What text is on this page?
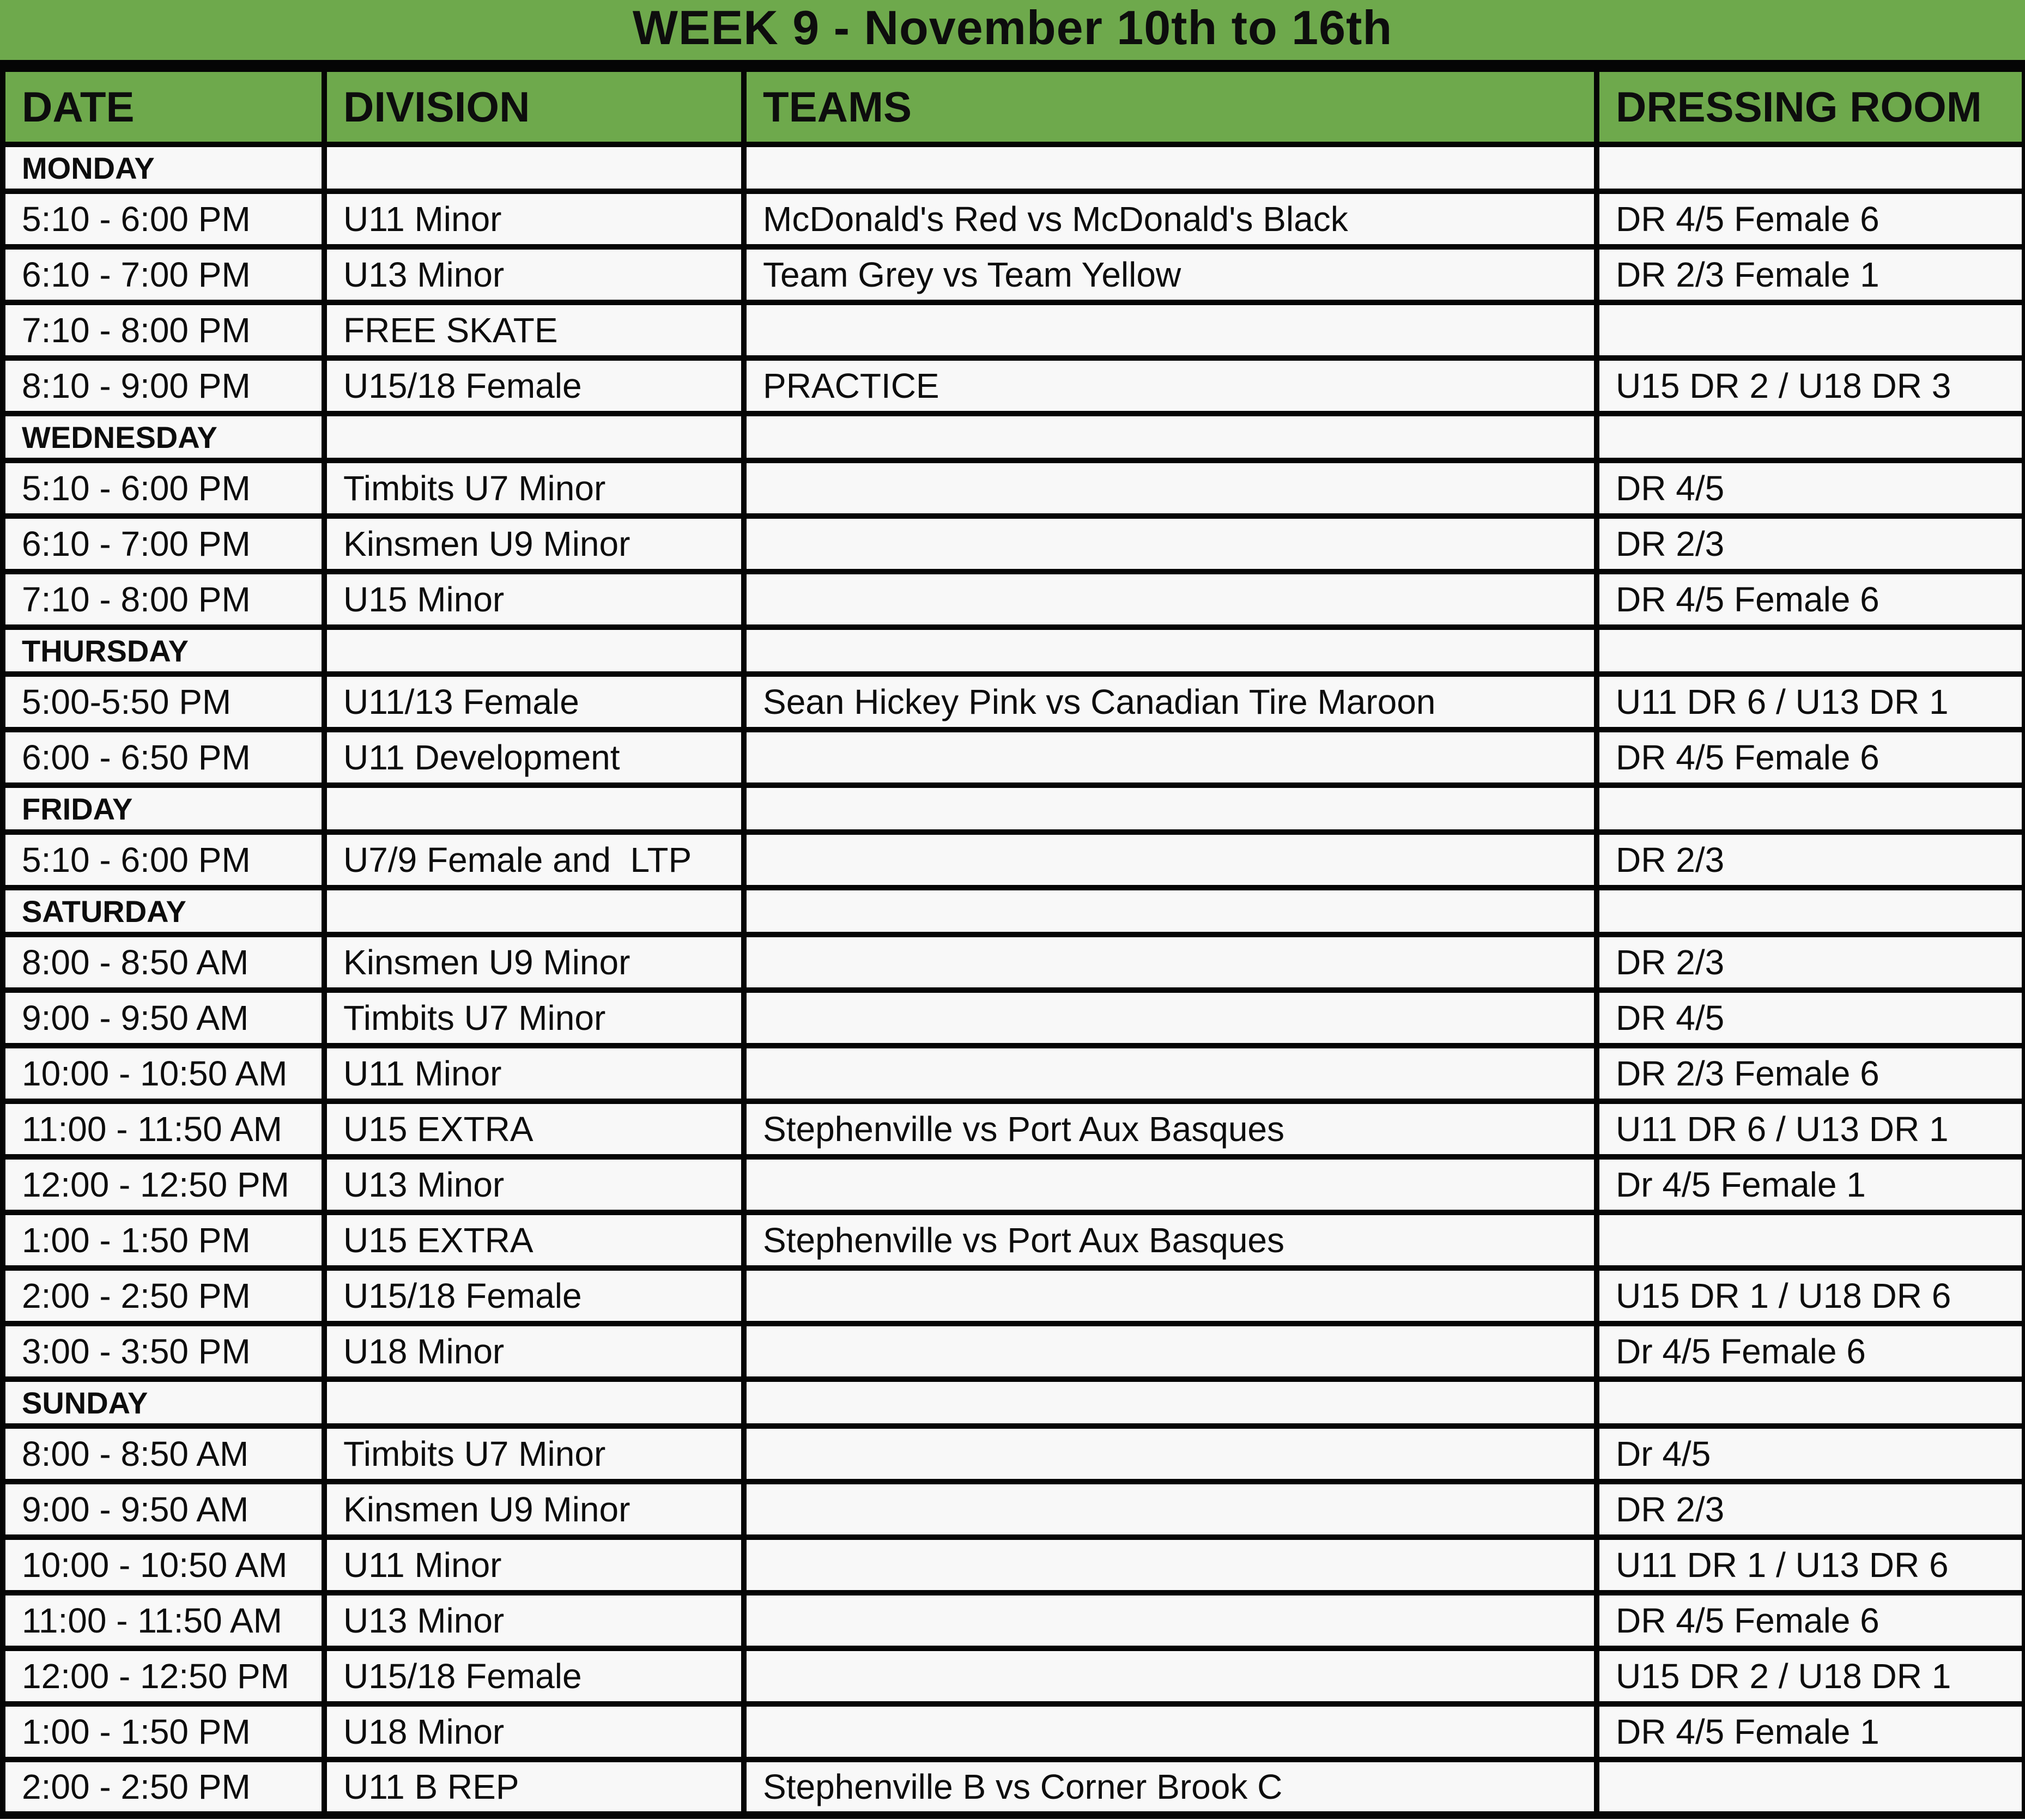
WEEK 9 - November 10th to 16th
DATE	DIVISION	TEAMS	DRESSING ROOM
MONDAY			
5:10 - 6:00 PM	U11 Minor	McDonald's Red vs McDonald's Black	DR 4/5 Female 6
6:10 - 7:00 PM	U13 Minor	Team Grey vs Team Yellow	DR 2/3 Female 1
7:10 - 8:00 PM	FREE SKATE		
8:10 - 9:00 PM	U15/18 Female	PRACTICE	U15 DR 2 / U18 DR 3
WEDNESDAY			
5:10 - 6:00 PM	Timbits U7 Minor		DR 4/5
6:10 - 7:00 PM	Kinsmen U9 Minor		DR 2/3
7:10 - 8:00 PM	U15 Minor		DR 4/5 Female 6
THURSDAY			
5:00-5:50 PM	U11/13 Female	Sean Hickey Pink vs Canadian Tire Maroon	U11 DR 6 / U13 DR 1
6:00 - 6:50 PM	U11 Development		DR 4/5 Female 6
FRIDAY			
5:10 - 6:00 PM	U7/9 Female and  LTP		DR 2/3
SATURDAY			
8:00 - 8:50 AM	Kinsmen U9 Minor		DR 2/3
9:00 - 9:50 AM	Timbits U7 Minor		DR 4/5
10:00 - 10:50 AM	U11 Minor		DR 2/3 Female 6
11:00 - 11:50 AM	U15 EXTRA	Stephenville vs Port Aux Basques	U11 DR 6 / U13 DR 1
12:00 - 12:50 PM	U13 Minor		Dr 4/5 Female 1
1:00 - 1:50 PM	U15 EXTRA	Stephenville vs Port Aux Basques	
2:00 - 2:50 PM	U15/18 Female		U15 DR 1 / U18 DR 6
3:00 - 3:50 PM	U18 Minor		Dr 4/5 Female 6
SUNDAY			
8:00 - 8:50 AM	Timbits U7 Minor		Dr 4/5
9:00 - 9:50 AM	Kinsmen U9 Minor		DR 2/3
10:00 - 10:50 AM	U11 Minor		U11 DR 1 / U13 DR 6
11:00 - 11:50 AM	U13 Minor		DR 4/5 Female 6
12:00 - 12:50 PM	U15/18 Female		U15 DR 2 / U18 DR 1
1:00 - 1:50 PM	U18 Minor		DR 4/5 Female 1
2:00 - 2:50 PM	U11 B REP	Stephenville B vs Corner Brook C	
